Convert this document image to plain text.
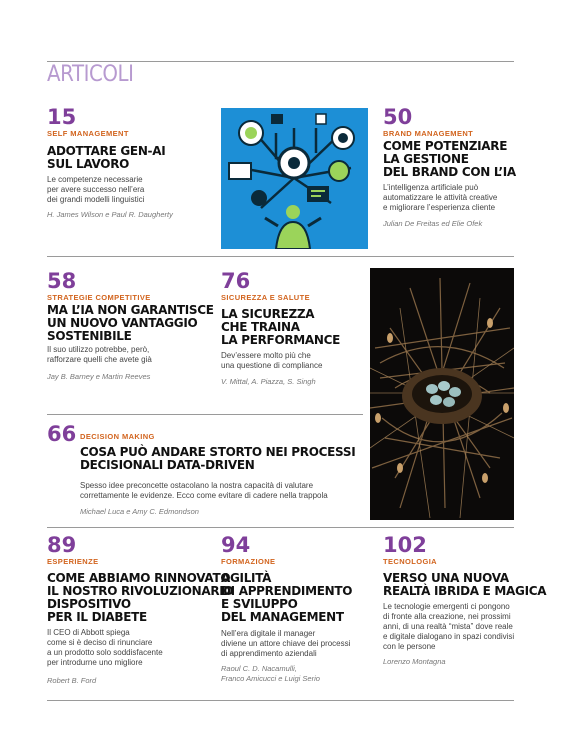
ARTICOLI
15
SELF MANAGEMENT
ADOTTARE GEN-AI
SUL LAVORO
Le competenze necessarie
per avere successo nell’era
dei grandi modelli linguistici
H. James Wilson e Paul R. Daugherty
50
BRAND MANAGEMENT
COME POTENZIARE
LA GESTIONE
DEL BRAND CON L’IA
L’intelligenza artificiale può
automatizzare le attività creative
e migliorare l’esperienza cliente
Julian De Freitas ed Elie Ofek
58
STRATEGIE COMPETITIVE
MA L’IA NON GARANTISCE
UN NUOVO VANTAGGIO
SOSTENIBILE
Il suo utilizzo potrebbe, però,
rafforzare quelli che avete già
Jay B. Barney e Martin Reeves
76
SICUREZZA E SALUTE
LA SICUREZZA
CHE TRAINA
LA PERFORMANCE
Dev’essere molto più che
una questione di compliance
V. Mittal, A. Piazza, S. Singh
66 DECISION MAKING
COSA PUÒ ANDARE STORTO NEI PROCESSI
DECISIONALI DATA-DRIVEN
Spesso idee preconcette ostacolano la nostra capacità di valutare
correttamente le evidenze. Ecco come evitare di cadere nella trappola
Michael Luca e Amy C. Edmondson
89
ESPERIENZE
COME ABBIAMO RINNOVATO
IL NOSTRO RIVOLUZIONARIO
DISPOSITIVO
PER IL DIABETE
Il CEO di Abbott spiega
come si è deciso di rinunciare
a un prodotto solo soddisfacente
per introdurne uno migliore
Robert B. Ford
94
FORMAZIONE
AGILITÀ
DI APPRENDIMENTO
E SVILUPPO
DEL MANAGEMENT
Nell’era digitale il manager
diviene un attore chiave dei processi
di apprendimento aziendali
Raoul C. D. Nacamulli,
Franco Amicucci e Luigi Serio
102
TECNOLOGIA
VERSO UNA NUOVA
REALTÀ IBRIDA E MAGICA
Le tecnologie emergenti ci pongono
di fronte alla creazione, nei prossimi
anni, di una realtà “mista” dove reale
e digitale dialogano in spazi condivisi
con le persone
Lorenzo Montagna
